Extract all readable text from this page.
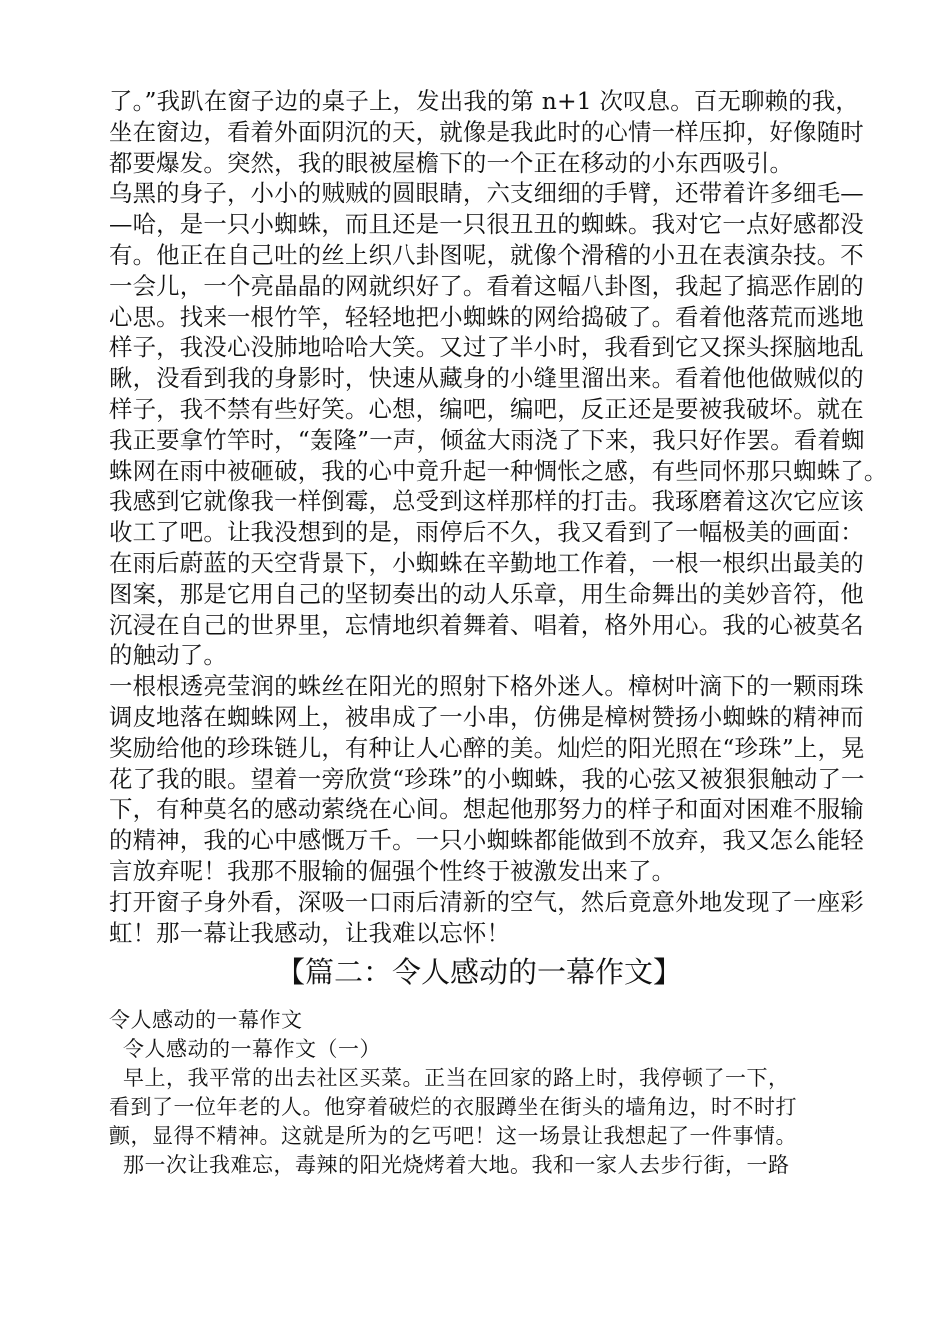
了。”我趴在窗子边的桌子上，发出我的第 n+1 次叹息。百无聊赖的我，
坐在窗边，看着外面阴沉的天，就像是我此时的心情一样压抑，好像随时
都要爆发。突然，我的眼被屋檐下的一个正在移动的小东西吸引。
乌黑的身子，小小的贼贼的圆眼睛，六支细细的手臂，还带着许多细毛—
—哈，是一只小蜘蛛，而且还是一只很丑丑的蜘蛛。我对它一点好感都没
有。他正在自己吐的丝上织八卦图呢，就像个滑稽的小丑在表演杂技。不
一会儿，一个亮晶晶的网就织好了。看着这幅八卦图，我起了搞恶作剧的
心思。找来一根竹竿，轻轻地把小蜘蛛的网给捣破了。看着他落荒而逃地
样子，我没心没肺地哈哈大笑。又过了半小时，我看到它又探头探脑地乱
瞅，没看到我的身影时，快速从藏身的小缝里溜出来。看着他他做贼似的
样子，我不禁有些好笑。心想，编吧，编吧，反正还是要被我破坏。就在
我正要拿竹竿时，“轰隆”一声，倾盆大雨浇了下来，我只好作罢。看着蜘
蛛网在雨中被砸破，我的心中竟升起一种惆怅之感，有些同怀那只蜘蛛了。
我感到它就像我一样倒霉，总受到这样那样的打击。我琢磨着这次它应该
收工了吧。让我没想到的是，雨停后不久，我又看到了一幅极美的画面：
在雨后蔚蓝的天空背景下，小蜘蛛在辛勤地工作着，一根一根织出最美的
图案，那是它用自己的坚韧奏出的动人乐章，用生命舞出的美妙音符，他
沉浸在自己的世界里，忘情地织着舞着、唱着，格外用心。我的心被莫名
的触动了。
一根根透亮莹润的蛛丝在阳光的照射下格外迷人。樟树叶滴下的一颗雨珠
调皮地落在蜘蛛网上，被串成了一小串，仿佛是樟树赞扬小蜘蛛的精神而
奖励给他的珍珠链儿，有种让人心醉的美。灿烂的阳光照在“珍珠”上，晃
花了我的眼。望着一旁欣赏“珍珠”的小蜘蛛，我的心弦又被狠狠触动了一
下，有种莫名的感动萦绕在心间。想起他那努力的样子和面对困难不服输
的精神，我的心中感慨万千。一只小蜘蛛都能做到不放弃，我又怎么能轻
言放弃呢！我那不服输的倔强个性终于被激发出来了。
打开窗子身外看，深吸一口雨后清新的空气，然后竟意外地发现了一座彩
虹！那一幕让我感动，让我难以忘怀！
【篇二：令人感动的一幕作文】
令人感动的一幕作文
令人感动的一幕作文（一）
早上，我平常的出去社区买菜。正当在回家的路上时，我停顿了一下，
看到了一位年老的人。他穿着破烂的衣服蹲坐在街头的墙角边，时不时打
颤，显得不精神。这就是所为的乞丐吧！这一场景让我想起了一件事情。
那一次让我难忘，毒辣的阳光烧烤着大地。我和一家人去步行街，一路
